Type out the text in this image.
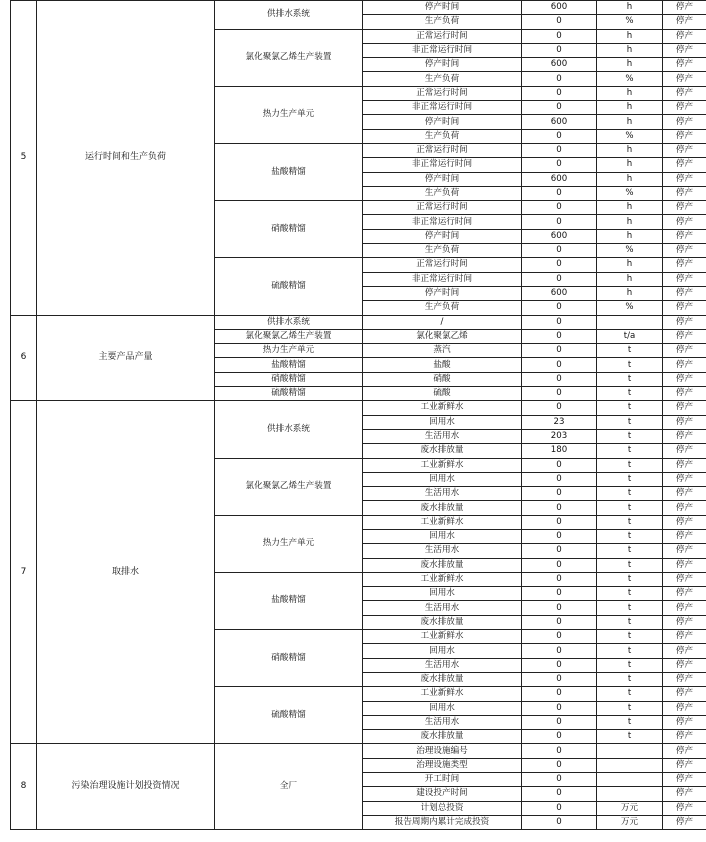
5	运行时间和生产负荷	供排水系统	停产时间	600	h	停产
			生产负荷	0	%	停产
		氯化聚氯乙烯生产装置	正常运行时间	0	h	停产
			非正常运行时间	0	h	停产
			停产时间	600	h	停产
			生产负荷	0	%	停产
		热力生产单元	正常运行时间	0	h	停产
			非正常运行时间	0	h	停产
			停产时间	600	h	停产
			生产负荷	0	%	停产
		盐酸精馏	正常运行时间	0	h	停产
			非正常运行时间	0	h	停产
			停产时间	600	h	停产
			生产负荷	0	%	停产
		硝酸精馏	正常运行时间	0	h	停产
			非正常运行时间	0	h	停产
			停产时间	600	h	停产
			生产负荷	0	%	停产
		硫酸精馏	正常运行时间	0	h	停产
			非正常运行时间	0	h	停产
			停产时间	600	h	停产
			生产负荷	0	%	停产
6	主要产品产量	供排水系统	/	0		停产
		氯化聚氯乙烯生产装置	氯化聚氯乙烯	0	t/a	停产
		热力生产单元	蒸汽	0	t	停产
		盐酸精馏	盐酸	0	t	停产
		硝酸精馏	硝酸	0	t	停产
		硫酸精馏	硫酸	0	t	停产
7	取排水	供排水系统	工业新鲜水	0	t	停产
			回用水	23	t	停产
			生活用水	203	t	停产
			废水排放量	180	t	停产
		氯化聚氯乙烯生产装置	工业新鲜水	0	t	停产
			回用水	0	t	停产
			生活用水	0	t	停产
			废水排放量	0	t	停产
		热力生产单元	工业新鲜水	0	t	停产
			回用水	0	t	停产
			生活用水	0	t	停产
			废水排放量	0	t	停产
		盐酸精馏	工业新鲜水	0	t	停产
			回用水	0	t	停产
			生活用水	0	t	停产
			废水排放量	0	t	停产
		硝酸精馏	工业新鲜水	0	t	停产
			回用水	0	t	停产
			生活用水	0	t	停产
			废水排放量	0	t	停产
		硫酸精馏	工业新鲜水	0	t	停产
			回用水	0	t	停产
			生活用水	0	t	停产
			废水排放量	0	t	停产
8	污染治理设施计划投资情况	全厂	治理设施编号	0		停产
			治理设施类型	0		停产
			开工时间	0		停产
			建设投产时间	0		停产
			计划总投资	0	万元	停产
			报告周期内累计完成投资	0	万元	停产
